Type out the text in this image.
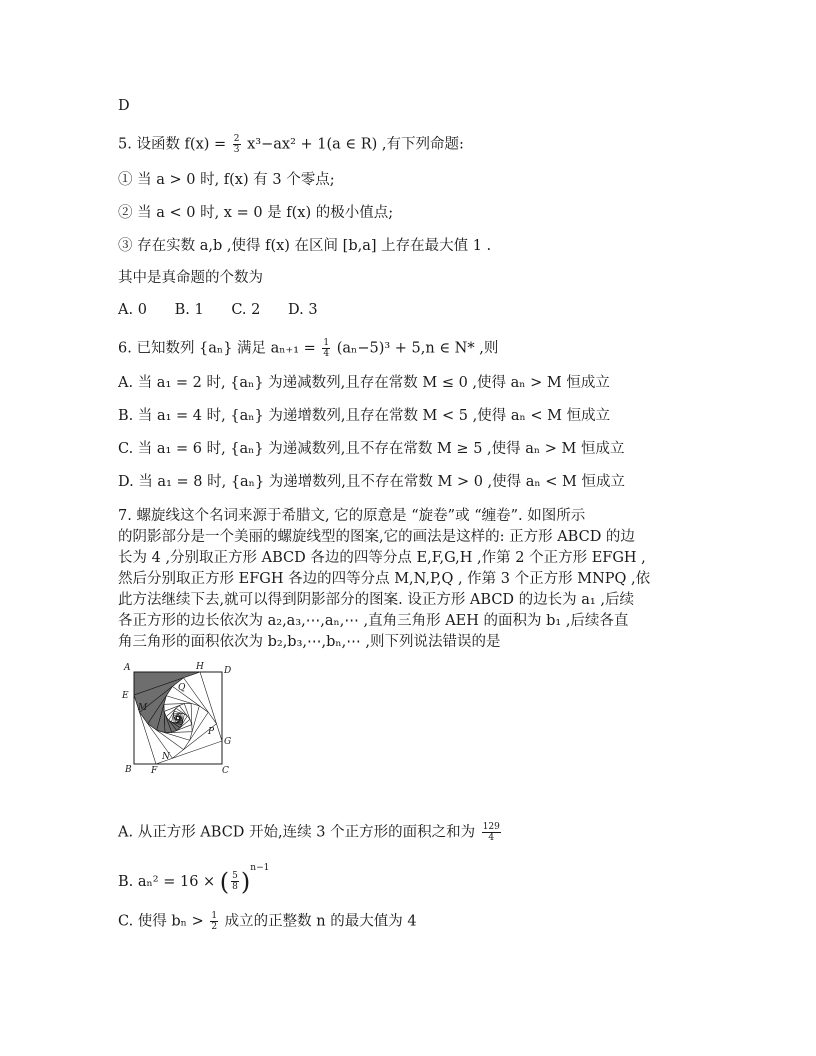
D
5. 设函数 $f(x) = \frac{2}{3} x^3-ax^2 + 1(a$ ∈ R) ,有下列命题:
① 当 a > 0 时, f(x) 有 3 个零点;
② 当 a < 0 时, x = 0 是 f(x) 的极小值点;
③ 存在实数 a,b ,使得 f(x) 在区间 [b,a] 上存在最大值 1 .
其中是真命题的个数为
A. 0      B. 1      C. 2      D. 3
6. 已知数列 {aₙ} 满足 $a_{n+1} = \frac{1}{4} (a_n-5)^3 + 5,n$ ∈ N* ,则
A. 当 a₁ = 2 时, {aₙ} 为递减数列,且存在常数 M ≤ 0 ,使得 aₙ > M 恒成立
B. 当 a₁ = 4 时, {aₙ} 为递增数列,且存在常数 M < 5 ,使得 aₙ < M 恒成立
C. 当 a₁ = 6 时, {aₙ} 为递减数列,且不存在常数 M ≥ 5 ,使得 aₙ > M 恒成立
D. 当 a₁ = 8 时, {aₙ} 为递增数列,且不存在常数 M > 0 ,使得 aₙ < M 恒成立
7. 螺旋线这个名词来源于希腊文, 它的原意是 “旋卷”或 “缠卷”. 如图所示
的阴影部分是一个美丽的螺旋线型的图案,它的画法是这样的: 正方形 ABCD 的边
长为 4 ,分别取正方形 ABCD 各边的四等分点 E,F,G,H ,作第 2 个正方形 EFGH ,
然后分别取正方形 EFGH 各边的四等分点 M,N,P,Q , 作第 3 个正方形 MNPQ ,依
此方法继续下去,就可以得到阴影部分的图案. 设正方形 ABCD 的边长为 a₁ ,后续
各正方形的边长依次为 a₂,a₃,⋯,aₙ,⋯ ,直角三角形 AEH 的面积为 b₁ ,后续各直
角三角形的面积依次为 b₂,b₃,⋯,bₙ,⋯ ,则下列说法错误的是
A	H D
E
Q
M
P
G
N
B F	C
A. 从正方形 ABCD 开始,连续 3 个正方形的面积之和为 $\frac{129}{4}$
B. aₙ² = 16 × ( $\frac{5}{8} )^{n-1}$
C. 使得 $b_n > \frac{1}{2}$ 成立的正整数 n 的最大值为 4
